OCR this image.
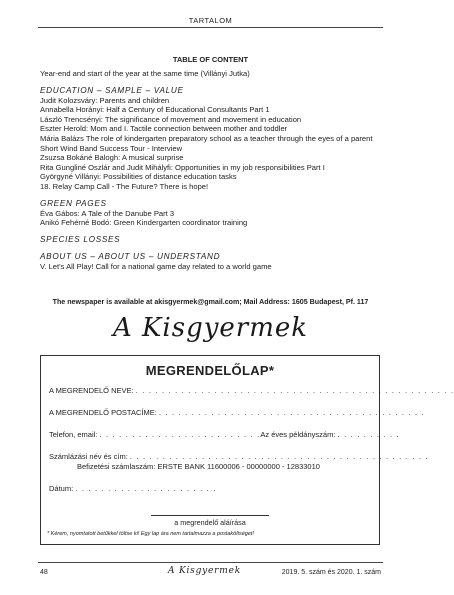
TARTALOM
TABLE OF CONTENT
Year-end and start of the year at the same time (Villányi Jutka)
EDUCATION – SAMPLE – VALUE
Judit Kolozsváry: Parents and children
Annabella Horányi: Half a Century of Educational Consultants Part 1
László Trencsényi: The significance of movement and movement in education
Eszter Herold: Mom and I. Tactile connection between mother and toddler
Mária Balázs The role of kindergarten preparatory school as a teacher through the eyes of a parent
Short Wind Band Success Tour - Interview
Zsuzsa Bokáné Balogh: A musical surprise
Rita Gungliné Oszlár and Judit Mihályfi: Opportunities in my job responsibilities Part I
Györgyné Villányi: Possibilities of distance education tasks
18. Relay Camp Call - The Future? There is hope!
GREEN PAGES
Éva Gábos: A Tale of the Danube Part 3
Anikó Fehérné Bodó: Green Kindergarten coordinator training
SPECIES LOSSES
ABOUT US – ABOUT US – UNDERSTAND
V. Let's All Play! Call for a national game day related to a world game
The newspaper is available at akisgyermek@gmail.com; Mail Address: 1605 Budapest, Pf. 117
A Kisgyermek
MEGRENDELŐLAP*
A MEGRENDELŐ NEVE: . . . . . . . . . . . . . . . . . . . . . . . . . . . . . . . . . . . . . . . . . . . . . . . . .
A MEGRENDELŐ POSTACÍME: . . . . . . . . . . . . . . . . . . . . . . . . . . . . . . . . . . . . . . . . .
Telefon, email: . . . . . . . . . . . . . . . . . . . . . . . . .Az éves példányszám: . . . . . . . . . .
Számlázási név és cím: . . . . . . . . . . . . . . . . . . . . . . . . . . . . . . . . . . . . . . . . . . . . . .
Befizetési számlaszám: ERSTE BANK 11600006 - 00000000 - 12833010
Dátum: . . . . . . . . . . . . . . . . . . . . . .
a megrendelő aláírása
* Kérem, nyomtatott betűkkel töltse ki! Egy lap ára nem tartalmazza a postaköltséget!
48	A Kisgyermek	2019. 5. szám és 2020. 1. szám
